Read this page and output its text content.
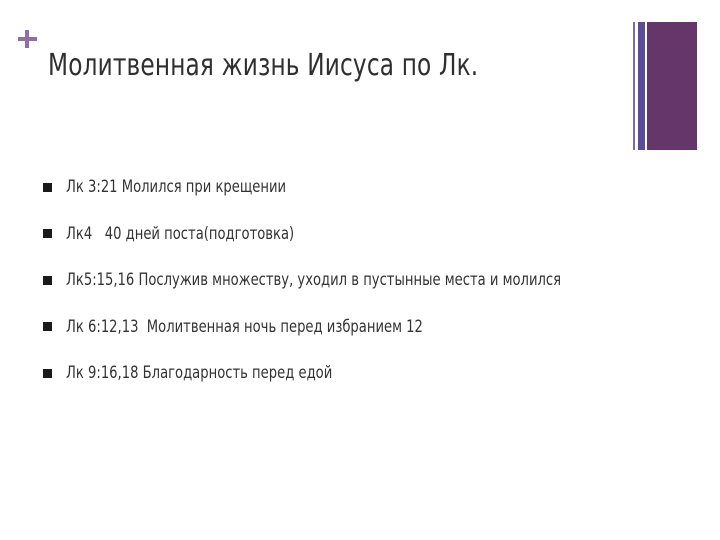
Молитвенная жизнь Иисуса по Лк.
Лк 3:21 Молился при крещении
Лк4   40 дней поста(подготовка)
Лк5:15,16 Послужив множеству, уходил в пустынные места и молился
Лк 6:12,13  Молитвенная ночь перед избранием 12
Лк 9:16,18 Благодарность перед едой
